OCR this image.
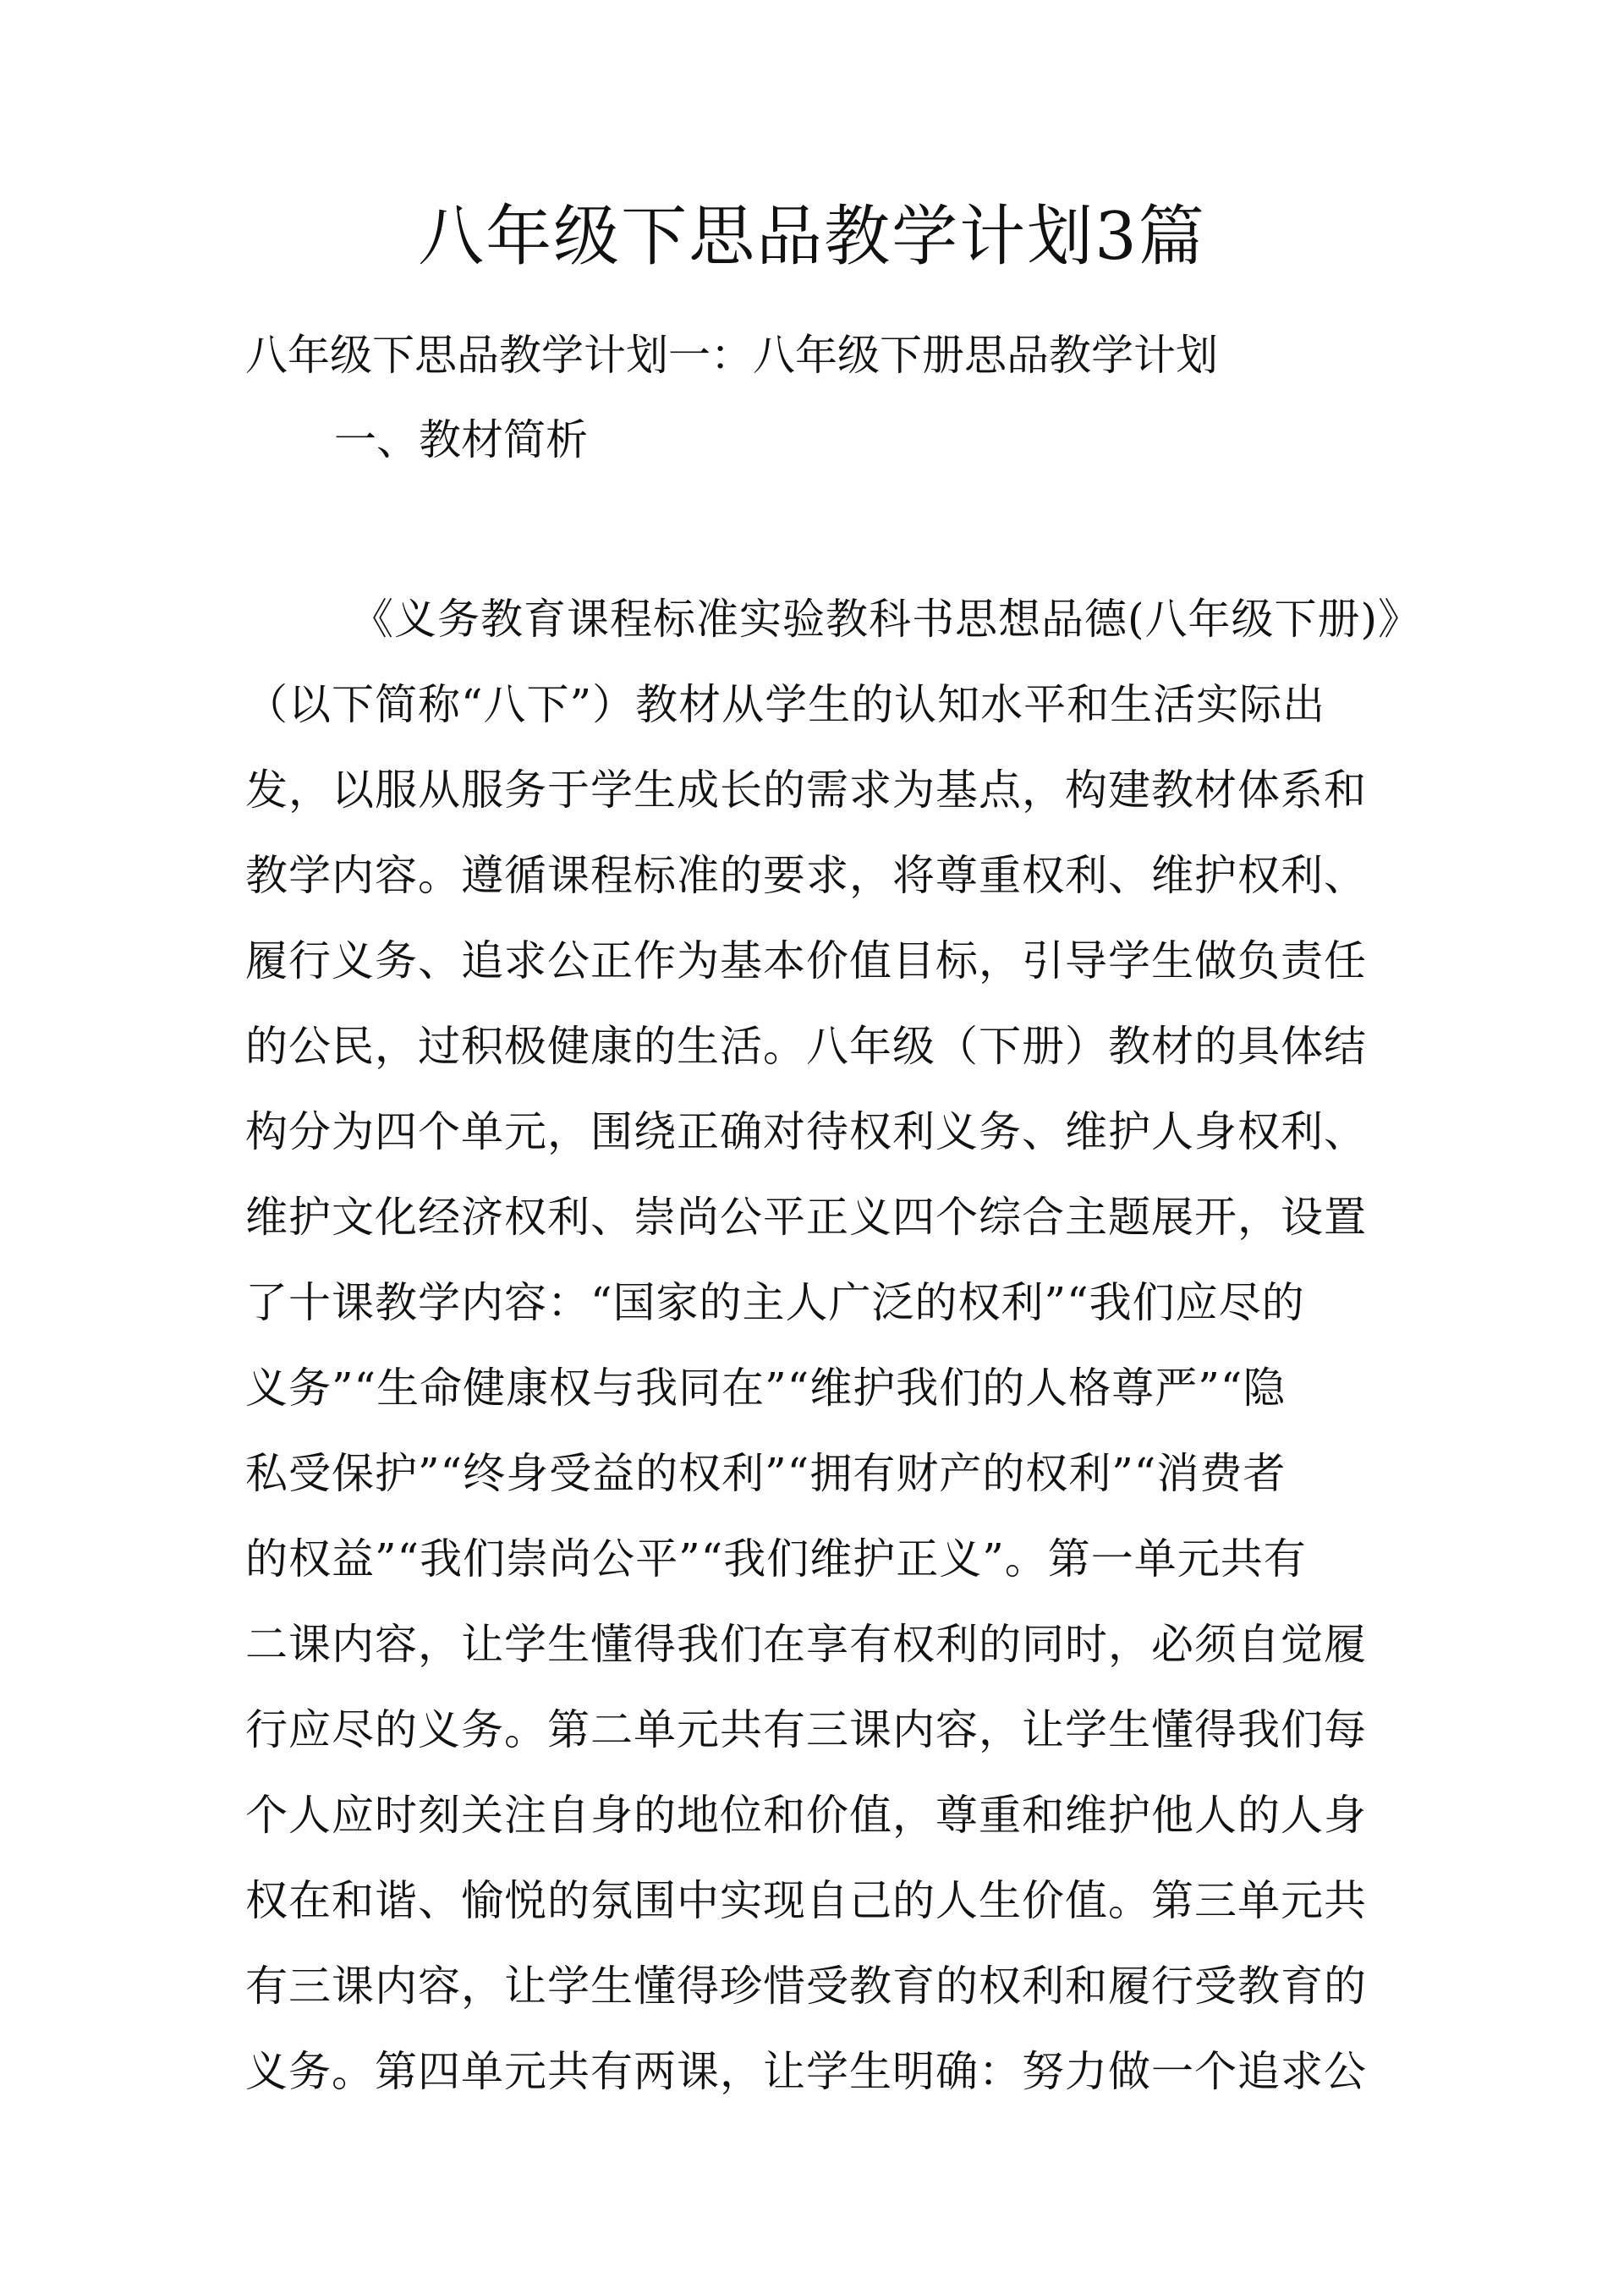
八年级下思品教学计划3篇

八年级下思品教学计划一：八年级下册思品教学计划

一、教材简析
《义务教育课程标准实验教科书思想品德(八年级下册)》
（以下简称“八下”）教材从学生的认知水平和生活实际出
发，以服从服务于学生成长的需求为基点，构建教材体系和
教学内容。遵循课程标准的要求，将尊重权利、维护权利、
履行义务、追求公正作为基本价值目标，引导学生做负责任
的公民，过积极健康的生活。八年级（下册）教材的具体结
构分为四个单元，围绕正确对待权利义务、维护人身权利、
维护文化经济权利、崇尚公平正义四个综合主题展开，设置
了十课教学内容：“国家的主人广泛的权利”“我们应尽的
义务”“生命健康权与我同在”“维护我们的人格尊严”“隐
私受保护”“终身受益的权利”“拥有财产的权利”“消费者
的权益”“我们崇尚公平”“我们维护正义”。第一单元共有
二课内容，让学生懂得我们在享有权利的同时，必须自觉履
行应尽的义务。第二单元共有三课内容，让学生懂得我们每
个人应时刻关注自身的地位和价值，尊重和维护他人的人身
权在和谐、愉悦的氛围中实现自己的人生价值。第三单元共
有三课内容，让学生懂得珍惜受教育的权利和履行受教育的
义务。第四单元共有两课，让学生明确：努力做一个追求公
